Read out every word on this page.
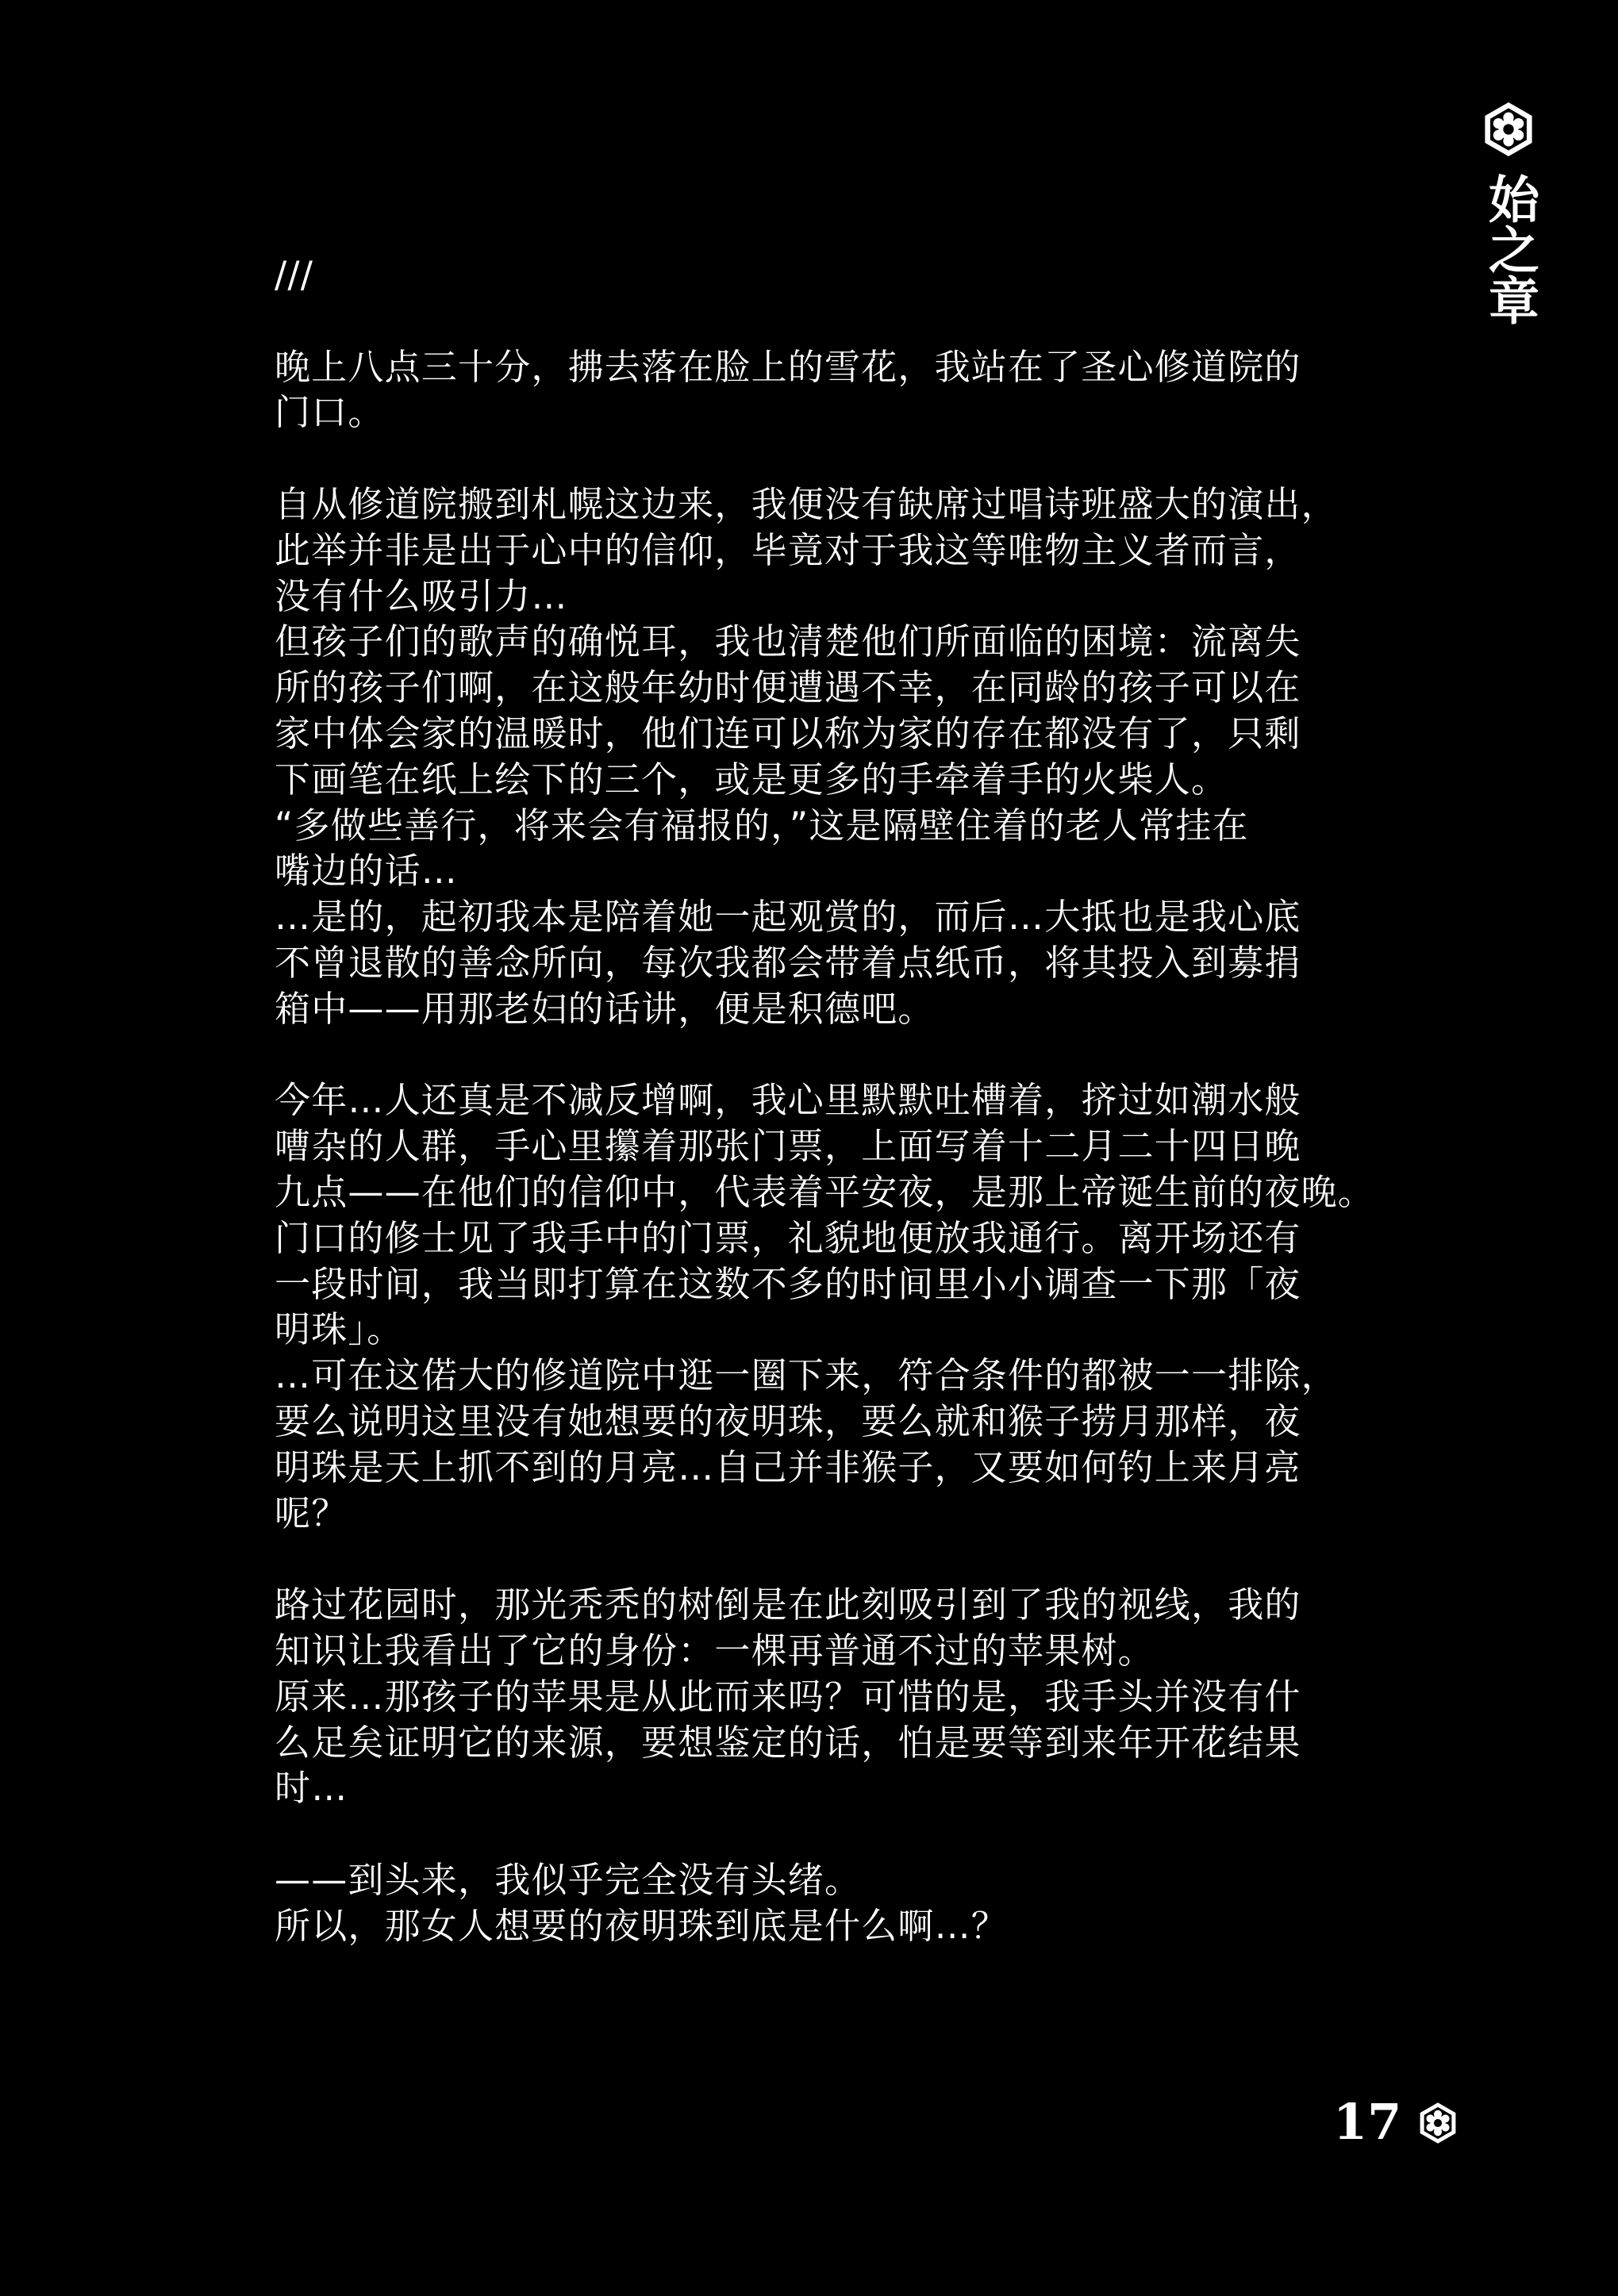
始之章
///
晚上八点三十分，拂去落在脸上的雪花，我站在了圣心修道院的
门口。
自从修道院搬到札幌这边来，我便没有缺席过唱诗班盛大的演出，
此举并非是出于心中的信仰，毕竟对于我这等唯物主义者而言，
没有什么吸引力…
但孩子们的歌声的确悦耳，我也清楚他们所面临的困境：流离失
所的孩子们啊，在这般年幼时便遭遇不幸，在同龄的孩子可以在
家中体会家的温暖时，他们连可以称为家的存在都没有了，只剩
下画笔在纸上绘下的三个，或是更多的手牵着手的火柴人。
“多做些善行，将来会有福报的，”这是隔壁住着的老人常挂在
嘴边的话…
…是的，起初我本是陪着她一起观赏的，而后…大抵也是我心底
不曾退散的善念所向，每次我都会带着点纸币，将其投入到募捐
箱中——用那老妇的话讲，便是积德吧。
今年…人还真是不减反增啊，我心里默默吐槽着，挤过如潮水般
嘈杂的人群，手心里攥着那张门票，上面写着十二月二十四日晚
九点——在他们的信仰中，代表着平安夜，是那上帝诞生前的夜晚。
门口的修士见了我手中的门票，礼貌地便放我通行。离开场还有
一段时间，我当即打算在这数不多的时间里小小调查一下那「夜
明珠」。
…可在这偌大的修道院中逛一圈下来，符合条件的都被一一排除，
要么说明这里没有她想要的夜明珠，要么就和猴子捞月那样，夜
明珠是天上抓不到的月亮…自己并非猴子，又要如何钓上来月亮
呢？
路过花园时，那光秃秃的树倒是在此刻吸引到了我的视线，我的
知识让我看出了它的身份：一棵再普通不过的苹果树。
原来…那孩子的苹果是从此而来吗？可惜的是，我手头并没有什
么足矣证明它的来源，要想鉴定的话，怕是要等到来年开花结果
时…
——到头来，我似乎完全没有头绪。
所以，那女人想要的夜明珠到底是什么啊…？
17
